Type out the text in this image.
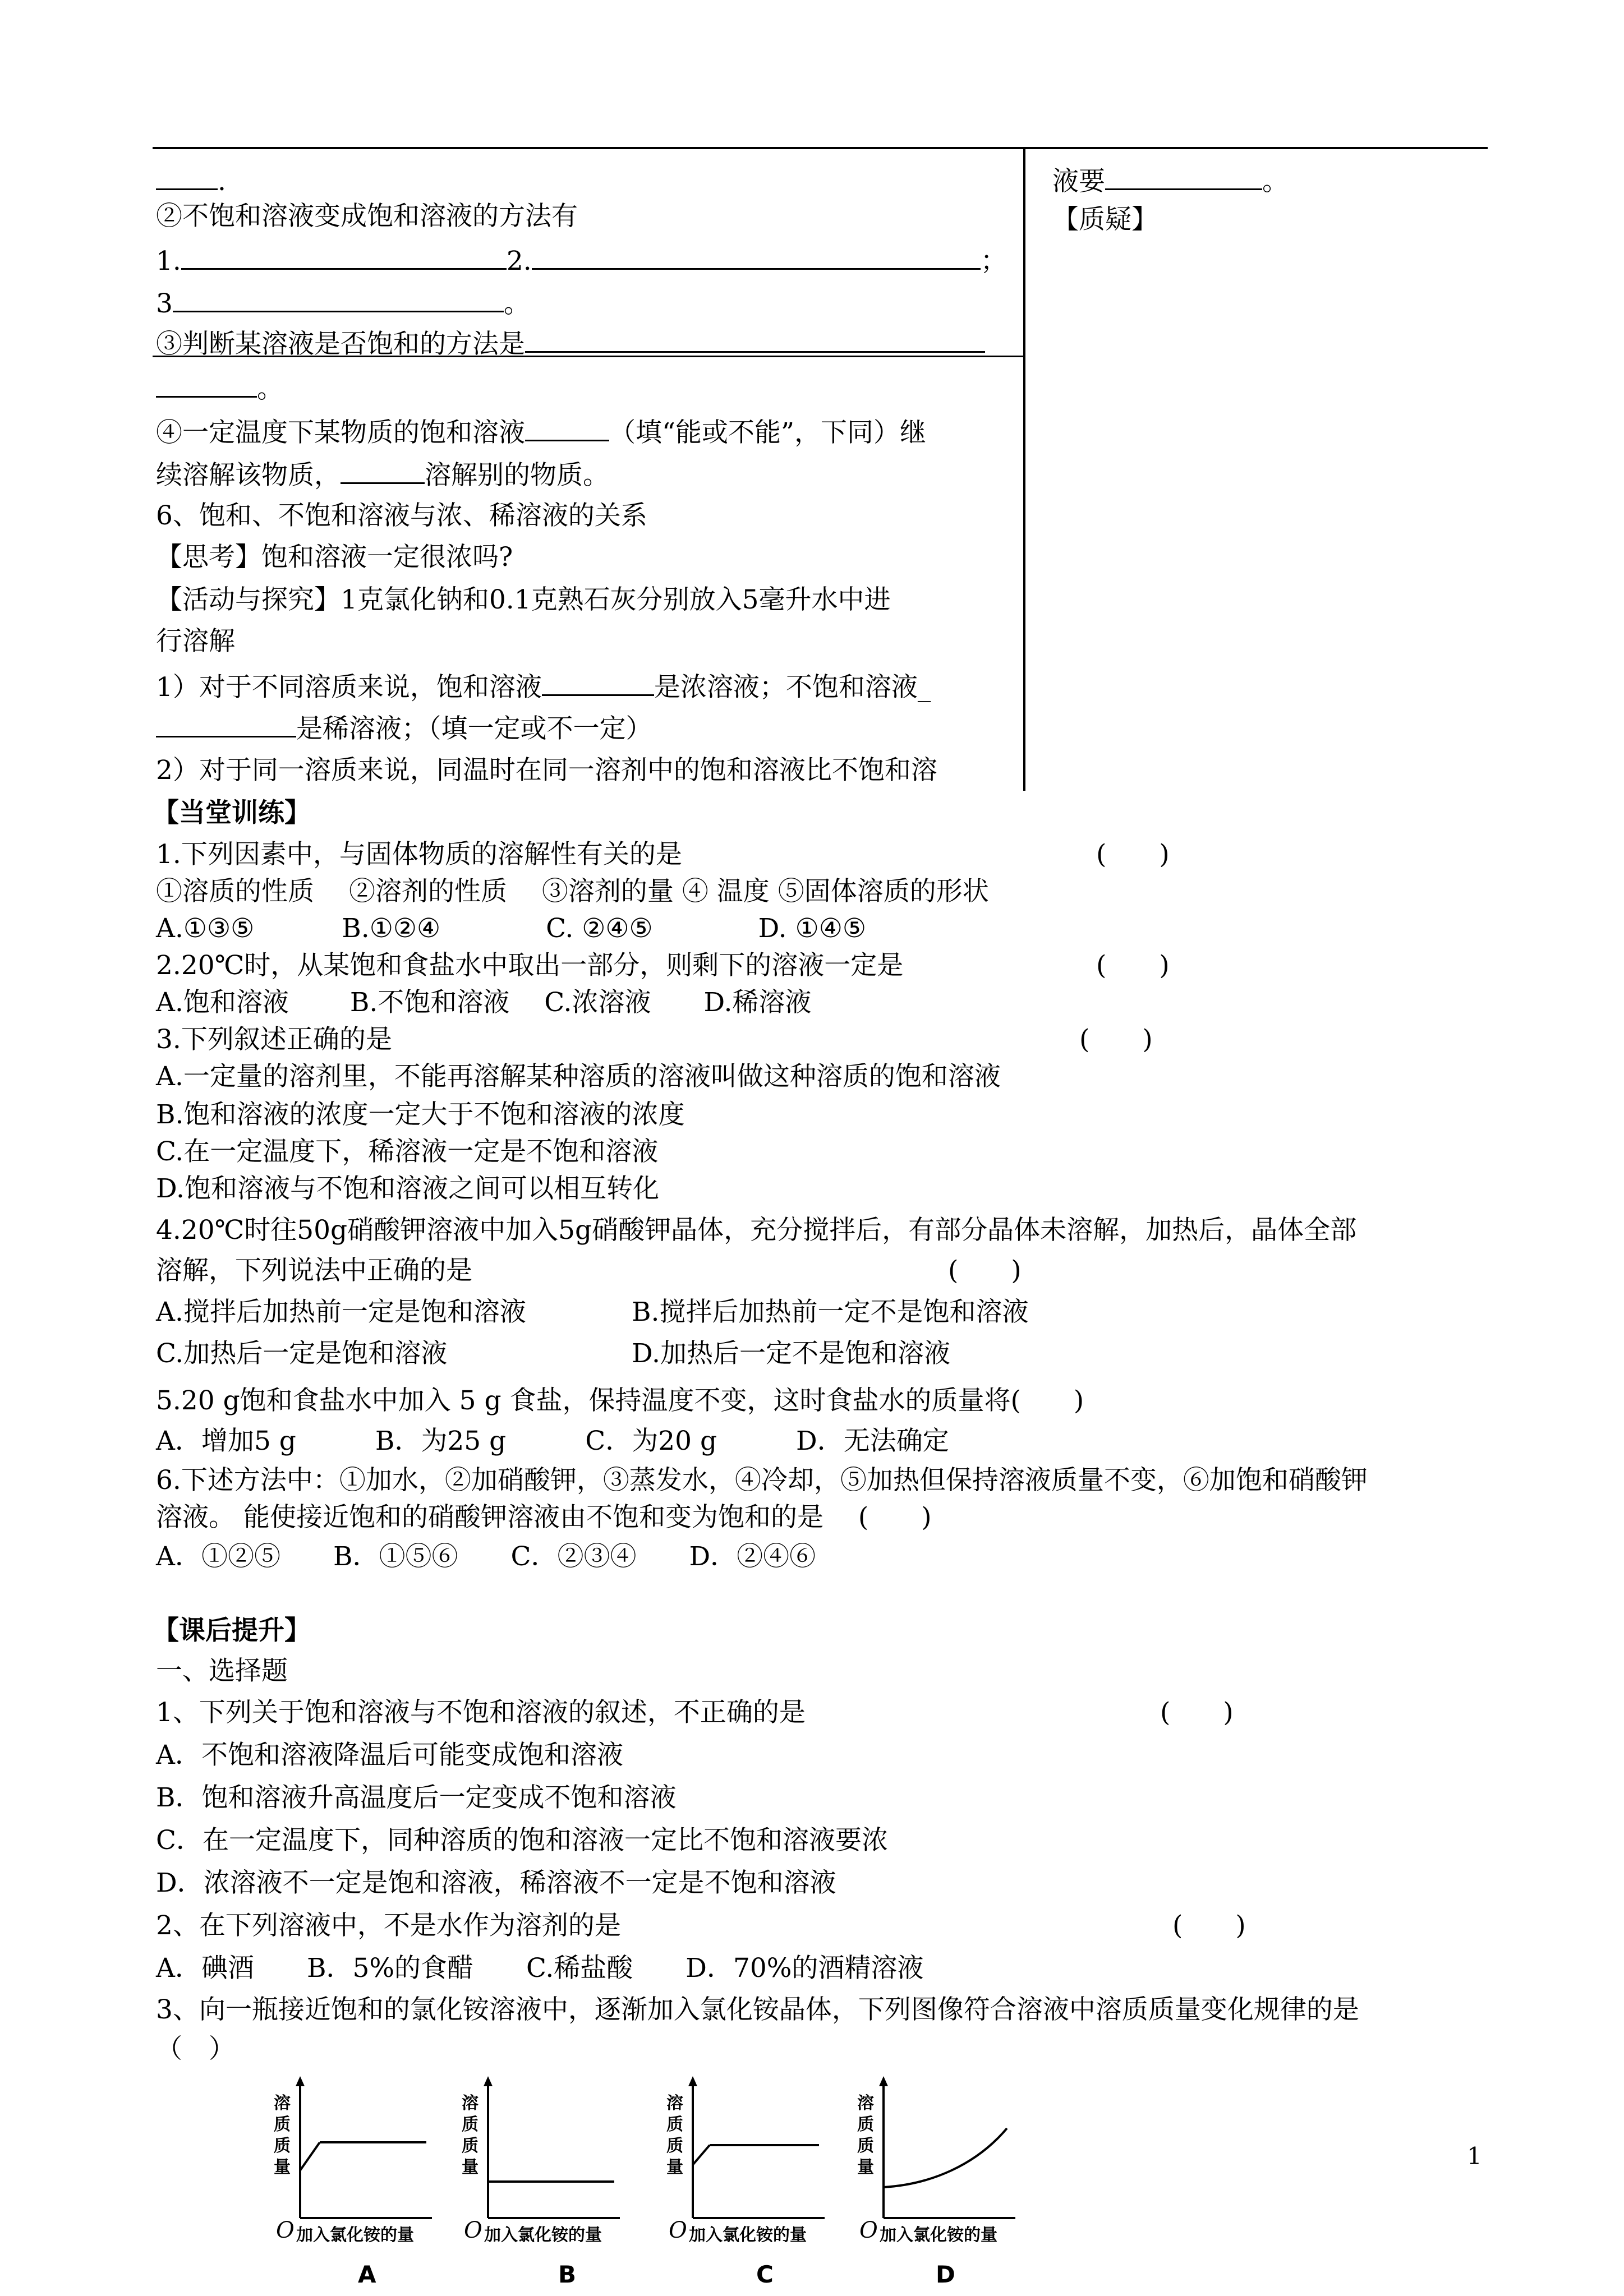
.
②不饱和溶液变成饱和溶液的方法有
1.	2.	；
3	。
③判断某溶液是否饱和的方法是
。
④一定温度下某物质的饱和溶液	（填“能或不能”，下同）继
续溶解该物质，	溶解别的物质。
6、饱和、不饱和溶液与浓、稀溶液的关系
【思考】饱和溶液一定很浓吗?
【活动与探究】1克氯化钠和0.1克熟石灰分别放入5毫升水中进
行溶解
1）对于不同溶质来说，饱和溶液	是浓溶液；不饱和溶液_
是稀溶液；（填一定或不一定）
2）对于同一溶质来说，同温时在同一溶剂中的饱和溶液比不饱和溶
液要	。
【质疑】
【当堂训练】
1.下列因素中，与固体物质的溶解性有关的是	(　　)
①溶质的性质　 ②溶剂的性质　 ③溶剂的量 ④ 温度 ⑤固体溶质的形状
A.①③⑤　　　 B.①②④　　　　C. ②④⑤　　　　D. ①④⑤
2.20℃时，从某饱和食盐水中取出一部分，则剩下的溶液一定是	(　　)
A.饱和溶液　　 B.不饱和溶液　 C.浓溶液　　D.稀溶液
3.下列叙述正确的是	(　　)
A.一定量的溶剂里，不能再溶解某种溶质的溶液叫做这种溶质的饱和溶液
B.饱和溶液的浓度一定大于不饱和溶液的浓度
C.在一定温度下，稀溶液一定是不饱和溶液
D.饱和溶液与不饱和溶液之间可以相互转化
4.20℃时往50g硝酸钾溶液中加入5g硝酸钾晶体，充分搅拌后，有部分晶体未溶解，加热后，晶体全部
溶解，下列说法中正确的是	(　　)
A.搅拌后加热前一定是饱和溶液	B.搅拌后加热前一定不是饱和溶液
C.加热后一定是饱和溶液	D.加热后一定不是饱和溶液
5.20 g饱和食盐水中加入 5 g 食盐，保持温度不变，这时食盐水的质量将(　　)
A．增加5 g　　　B．为25 g　　　C．为20 g　　　D．无法确定
6.下述方法中：①加水，②加硝酸钾，③蒸发水，④冷却，⑤加热但保持溶液质量不变，⑥加饱和硝酸钾
溶液。 能使接近饱和的硝酸钾溶液由不饱和变为饱和的是　 (　　)
A．①②⑤　　B．①⑤⑥　　C．②③④　　D．②④⑥
【课后提升】
一、选择题
1、下列关于饱和溶液与不饱和溶液的叙述，不正确的是	(　　)
A．不饱和溶液降温后可能变成饱和溶液
B．饱和溶液升高温度后一定变成不饱和溶液
C．在一定温度下，同种溶质的饱和溶液一定比不饱和溶液要浓
D．浓溶液不一定是饱和溶液，稀溶液不一定是不饱和溶液
2、在下列溶液中，不是水作为溶剂的是	(　　)
A．碘酒　　B．5%的食醋　　C.稀盐酸　　D．70%的酒精溶液
3、向一瓶接近饱和的氯化铵溶液中，逐渐加入氯化铵晶体，下列图像符合溶液中溶质质量变化规律的是
（　）
溶
质
质
量
O 加入氯化铵的量
A
溶
质
质
量
O 加入氯化铵的量
B
溶
质
质
量
O 加入氯化铵的量
C
溶
质
质
量
O 加入氯化铵的量
D
1
